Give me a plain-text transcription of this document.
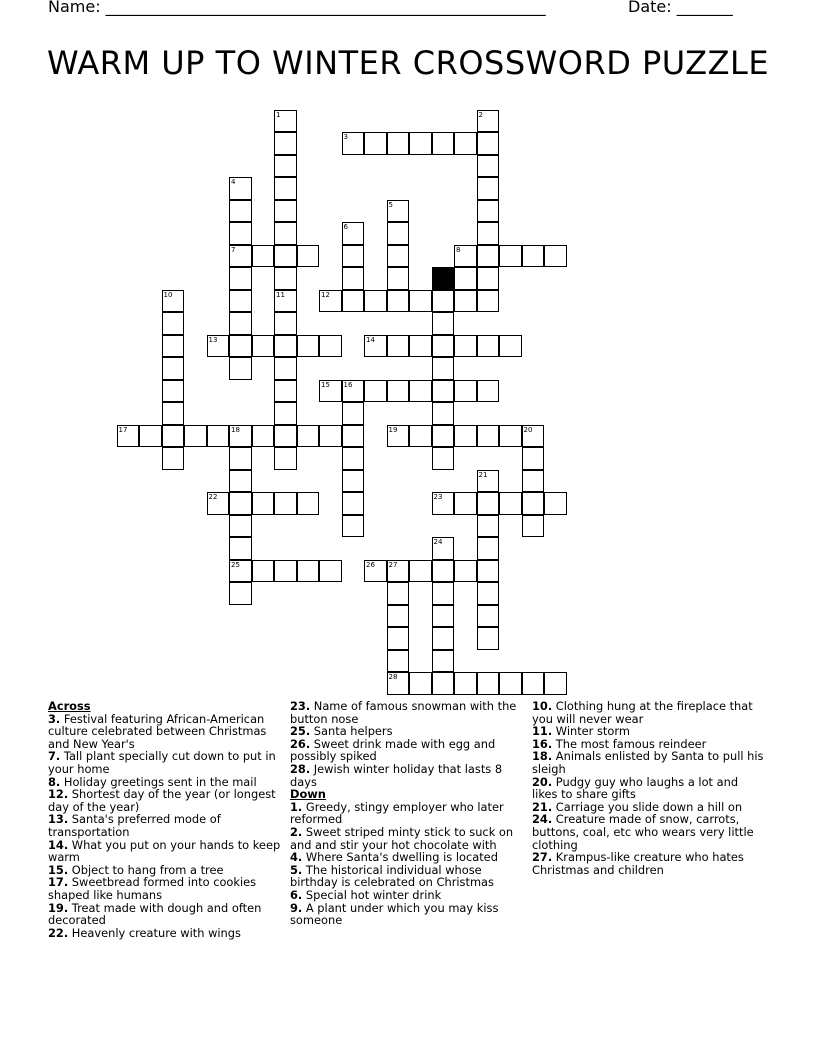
Name: _______________________________________________________	Date: _______
WARM UP TO WINTER CROSSWORD PUZZLE
1	2
3
4
5
6
7	8
9
10	11	12
13	14
15 16
17	18	19	20
21
22	23
24
25	26 27
28
Across
3. Festival featuring African-American culture celebrated between Christmas and New Year's
7. Tall plant specially cut down to put in your home
8. Holiday greetings sent in the mail
12. Shortest day of the year (or longest day of the year)
13. Santa's preferred mode of transportation
14. What you put on your hands to keep warm
15. Object to hang from a tree
17. Sweetbread formed into cookies shaped like humans
19. Treat made with dough and often decorated
22. Heavenly creature with wings
23. Name of famous snowman with the button nose
25. Santa helpers
26. Sweet drink made with egg and possibly spiked
28. Jewish winter holiday that lasts 8 days
Down
1. Greedy, stingy employer who later reformed
2. Sweet striped minty stick to suck on and and stir your hot chocolate with
4. Where Santa's dwelling is located
5. The historical individual whose birthday is celebrated on Christmas
6. Special hot winter drink
9. A plant under which you may kiss someone
10. Clothing hung at the fireplace that you will never wear
11. Winter storm
16. The most famous reindeer
18. Animals enlisted by Santa to pull his sleigh
20. Pudgy guy who laughs a lot and likes to share gifts
21. Carriage you slide down a hill on
24. Creature made of snow, carrots, buttons, coal, etc who wears very little clothing
27. Krampus-like creature who hates Christmas and children
